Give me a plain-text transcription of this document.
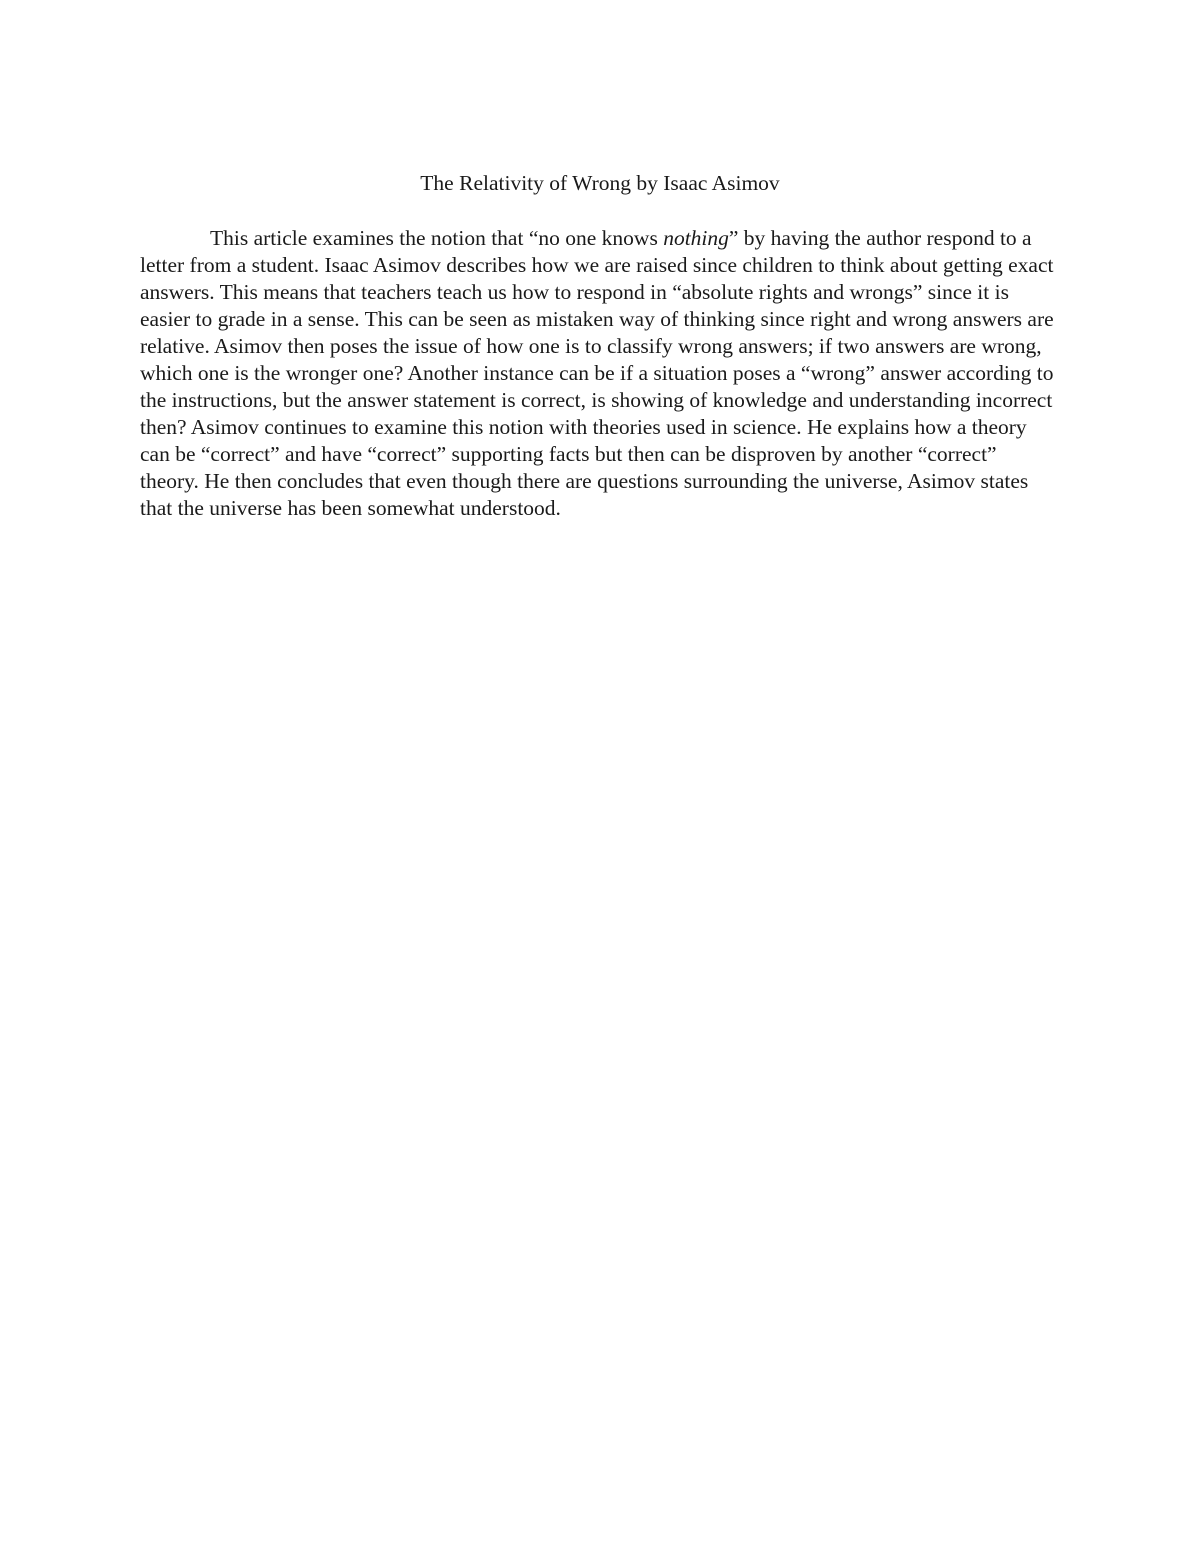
The Relativity of Wrong by Isaac Asimov

This article examines the notion that “no one knows nothing” by having the author respond to a letter from a student. Isaac Asimov describes how we are raised since children to think about getting exact answers. This means that teachers teach us how to respond in “absolute rights and wrongs” since it is easier to grade in a sense. This can be seen as mistaken way of thinking since right and wrong answers are relative. Asimov then poses the issue of how one is to classify wrong answers; if two answers are wrong, which one is the wronger one? Another instance can be if a situation poses a “wrong” answer according to the instructions, but the answer statement is correct, is showing of knowledge and understanding incorrect then? Asimov continues to examine this notion with theories used in science. He explains how a theory can be “correct” and have “correct” supporting facts but then can be disproven by another “correct” theory. He then concludes that even though there are questions surrounding the universe, Asimov states that the universe has been somewhat understood.
